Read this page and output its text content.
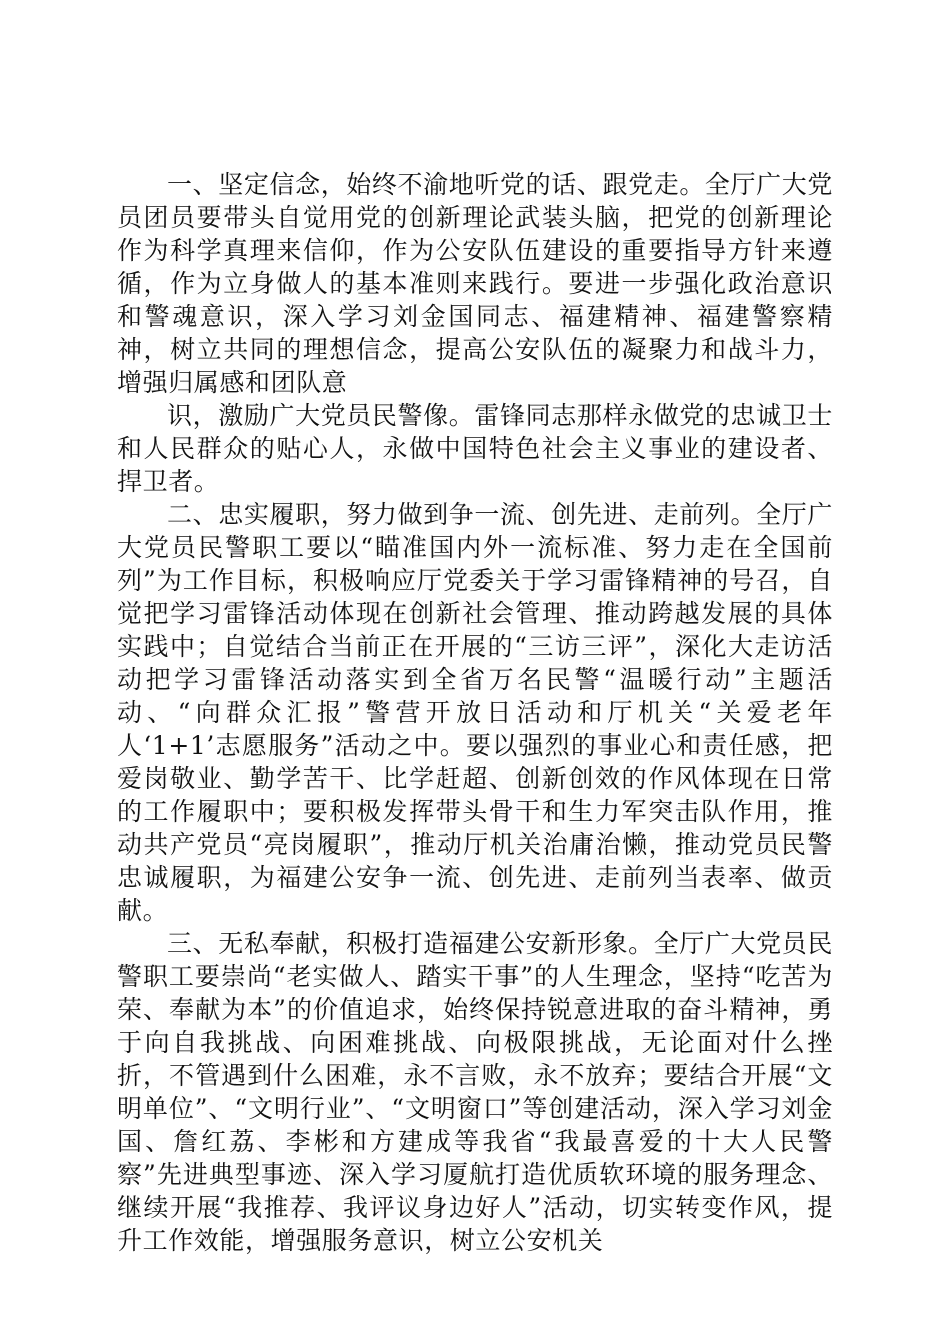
一、坚定信念，始终不渝地听党的话、跟党走。全厅广大党员团员要带头自觉用党的创新理论武装头脑，把党的创新理论作为科学真理来信仰，作为公安队伍建设的重要指导方针来遵循，作为立身做人的基本准则来践行。要进一步强化政治意识和警魂意识，深入学习刘金国同志、福建精神、福建警察精神，树立共同的理想信念，提高公安队伍的凝聚力和战斗力，增强归属感和团队意

识，激励广大党员民警像。雷锋同志那样永做党的忠诚卫士和人民群众的贴心人，永做中国特色社会主义事业的建设者、捍卫者。

二、忠实履职，努力做到争一流、创先进、走前列。全厅广大党员民警职工要以“瞄准国内外一流标准、努力走在全国前列”为工作目标，积极响应厅党委关于学习雷锋精神的号召，自觉把学习雷锋活动体现在创新社会管理、推动跨越发展的具体实践中；自觉结合当前正在开展的“三访三评”，深化大走访活动把学习雷锋活动落实到全省万名民警“温暖行动”主题活动、“向群众汇报”警营开放日活动和厅机关“关爱老年人‘1+1’志愿服务”活动之中。要以强烈的事业心和责任感，把爱岗敬业、勤学苦干、比学赶超、创新创效的作风体现在日常的工作履职中；要积极发挥带头骨干和生力军突击队作用，推动共产党员“亮岗履职”，推动厅机关治庸治懒，推动党员民警忠诚履职，为福建公安争一流、创先进、走前列当表率、做贡献。

三、无私奉献，积极打造福建公安新形象。全厅广大党员民警职工要崇尚“老实做人、踏实干事”的人生理念，坚持“吃苦为荣、奉献为本”的价值追求，始终保持锐意进取的奋斗精神，勇于向自我挑战、向困难挑战、向极限挑战，无论面对什么挫折，不管遇到什么困难，永不言败，永不放弃；要结合开展“文明单位”、“文明行业”、“文明窗口”等创建活动，深入学习刘金国、詹红荔、李彬和方建成等我省“我最喜爱的十大人民警察”先进典型事迹、深入学习厦航打造优质软环境的服务理念、继续开展“我推荐、我评议身边好人”活动，切实转变作风，提升工作效能，增强服务意识，树立公安机关
